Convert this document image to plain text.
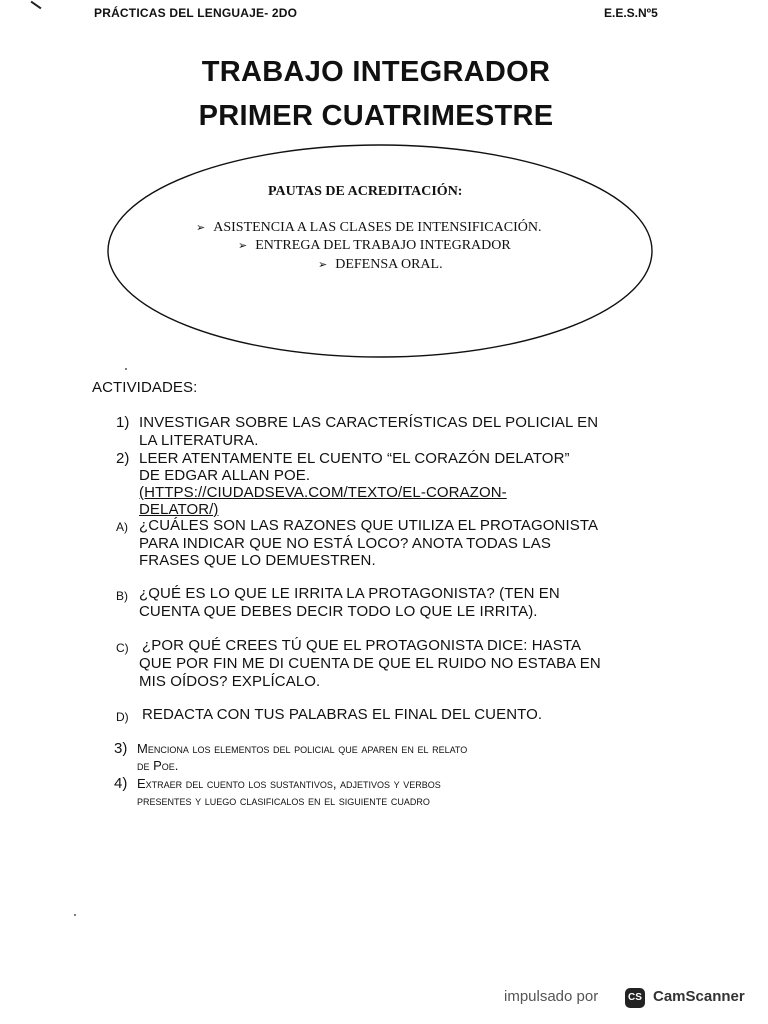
PRÁCTICAS DEL LENGUAJE- 2DO	E.E.S.Nº5
TRABAJO INTEGRADOR
PRIMER CUATRIMESTRE
PAUTAS DE ACREDITACIÓN:
➢ ASISTENCIA A LAS CLASES DE INTENSIFICACIÓN.
➢ ENTREGA DEL TRABAJO INTEGRADOR
➢ DEFENSA ORAL.
ACTIVIDADES:
1) INVESTIGAR SOBRE LAS CARACTERÍSTICAS DEL POLICIAL EN
LA LITERATURA.
2) LEER ATENTAMENTE EL CUENTO “EL CORAZÓN DELATOR”
DE EDGAR ALLAN POE.
(HTTPS://CIUDADSEVA.COM/TEXTO/EL-CORAZON-
DELATOR/)
A) ¿CUÁLES SON LAS RAZONES QUE UTILIZA EL PROTAGONISTA
PARA INDICAR QUE NO ESTÁ LOCO? ANOTA TODAS LAS
FRASES QUE LO DEMUESTREN.
B) ¿QUÉ ES LO QUE LE IRRITA LA PROTAGONISTA? (TEN EN
CUENTA QUE DEBES DECIR TODO LO QUE LE IRRITA).
C) ¿POR QUÉ CREES TÚ QUE EL PROTAGONISTA DICE: HASTA
QUE POR FIN ME DI CUENTA DE QUE EL RUIDO NO ESTABA EN
MIS OÍDOS? EXPLÍCALO.
D) REDACTA CON TUS PALABRAS EL FINAL DEL CUENTO.
3) Menciona los elementos del policial que aparen en el relato
de Poe.
4) Extraer del cuento los sustantivos, adjetivos y verbos
presentes y luego clasificalos en el siguiente cuadro
impulsado por	CS CamScanner
